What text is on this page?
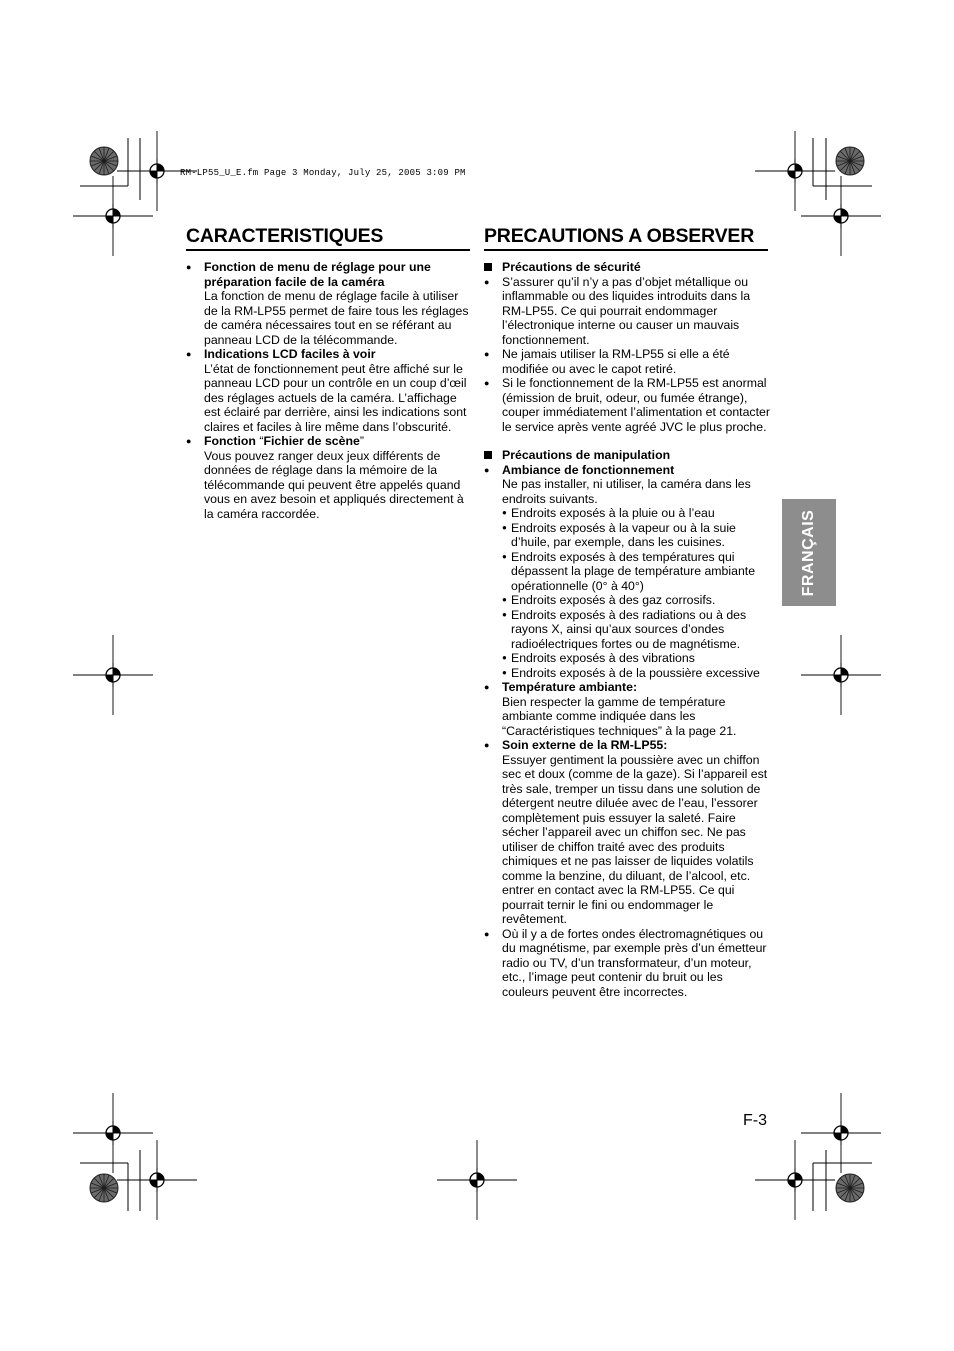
RM-LP55_U_E.fm Page 3 Monday, July 25, 2005 3:09 PM
CARACTERISTIQUES
● Fonction de menu de réglage pour une préparation facile de la caméra
La fonction de menu de réglage facile à utiliser de la RM-LP55 permet de faire tous les réglages de caméra nécessaires tout en se référant au panneau LCD de la télécommande.
● Indications LCD faciles à voir
L’état de fonctionnement peut être affiché sur le panneau LCD pour un contrôle en un coup d’œil des réglages actuels de la caméra. L’affichage est éclairé par derrière, ainsi les indications sont claires et faciles à lire même dans l’obscurité.
● Fonction “Fichier de scène”
Vous pouvez ranger deux jeux différents de données de réglage dans la mémoire de la télécommande qui peuvent être appelés quand vous en avez besoin et appliqués directement à la caméra raccordée.
PRECAUTIONS A OBSERVER
Précautions de sécurité
● S’assurer qu’il n’y a pas d’objet métallique ou inflammable ou des liquides introduits dans la RM-LP55. Ce qui pourrait endommager l’électronique interne ou causer un mauvais fonctionnement.
● Ne jamais utiliser la RM-LP55 si elle a été modifiée ou avec le capot retiré.
● Si le fonctionnement de la RM-LP55 est anormal (émission de bruit, odeur, ou fumée étrange), couper immédiatement l’alimentation et contacter le service après vente agréé JVC le plus proche.
Précautions de manipulation
● Ambiance de fonctionnement
Ne pas installer, ni utiliser, la caméra dans les endroits suivants.
● Endroits exposés à la pluie ou à l’eau
● Endroits exposés à la vapeur ou à la suie d’huile, par exemple, dans les cuisines.
● Endroits exposés à des températures qui dépassent la plage de température ambiante opérationnelle (0° à 40°)
● Endroits exposés à des gaz corrosifs.
● Endroits exposés à des radiations ou à des rayons X, ainsi qu’aux sources d’ondes radioélectriques fortes ou de magnétisme.
● Endroits exposés à des vibrations
● Endroits exposés à de la poussière excessive
● Température ambiante:
Bien respecter la gamme de température ambiante comme indiquée dans les “Caractéristiques techniques” à la page 21.
● Soin externe de la RM-LP55:
Essuyer gentiment la poussière avec un chiffon sec et doux (comme de la gaze). Si l’appareil est très sale, tremper un tissu dans une solution de détergent neutre diluée avec de l’eau, l’essorer complètement puis essuyer la saleté. Faire sécher l’appareil avec un chiffon sec. Ne pas utiliser de chiffon traité avec des produits chimiques et ne pas laisser de liquides volatils comme la benzine, du diluant, de l’alcool, etc. entrer en contact avec la RM-LP55. Ce qui pourrait ternir le fini ou endommager le revêtement.
● Où il y a de fortes ondes électromagnétiques ou du magnétisme, par exemple près d’un émetteur radio ou TV, d’un transformateur, d’un moteur, etc., l’image peut contenir du bruit ou les couleurs peuvent être incorrectes.
FRANÇAIS
F-3
